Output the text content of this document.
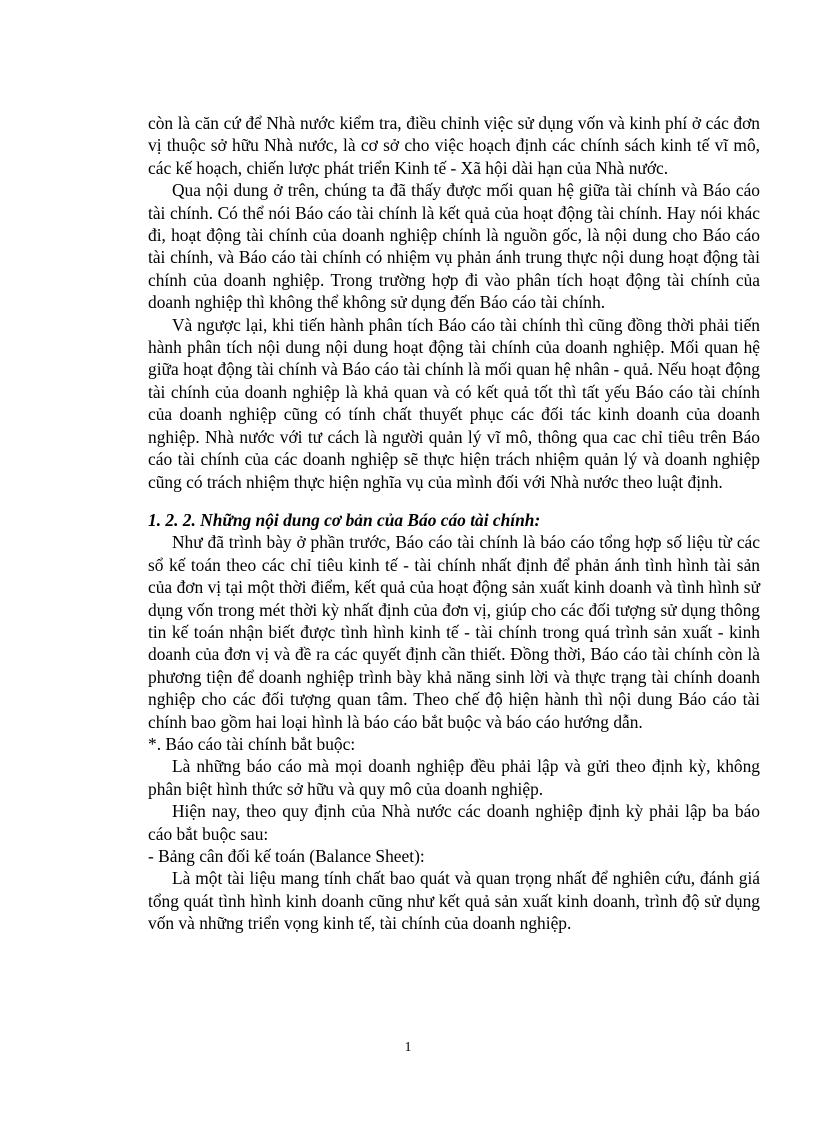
còn là căn cứ để Nhà nước kiểm tra, điều chỉnh việc sử dụng vốn và kinh phí ở các đơn vị thuộc sở hữu Nhà nước, là cơ sở cho việc hoạch định các chính sách kinh tế vĩ mô, các kế hoạch, chiến lược phát triển Kinh tế - Xã hội dài hạn của Nhà nước.

Qua nội dung ở trên, chúng ta đã thấy được mối quan hệ giữa tài chính và Báo cáo tài chính. Có thể nói Báo cáo tài chính là kết quả của hoạt động tài chính. Hay nói khác đi, hoạt động tài chính của doanh nghiệp chính là nguồn gốc, là nội dung cho Báo cáo tài chính, và Báo cáo tài chính có nhiệm vụ phản ánh trung thực nội dung hoạt động tài chính của doanh nghiệp. Trong trường hợp đi vào phân tích hoạt động tài chính của doanh nghiệp thì không thể không sử dụng đến Báo cáo tài chính.

Và ngược lại, khi tiến hành phân tích Báo cáo tài chính thì cũng đồng thời phải tiến hành phân tích nội dung nội dung hoạt động tài chính của doanh nghiệp. Mối quan hệ giữa hoạt động tài chính và Báo cáo tài chính là mối quan hệ nhân - quả. Nếu hoạt động tài chính của doanh nghiệp là khả quan và có kết quả tốt thì tất yếu Báo cáo tài chính của doanh nghiệp cũng có tính chất thuyết phục các đối tác kinh doanh của doanh nghiệp. Nhà nước với tư cách là người quản lý vĩ mô, thông qua cac chỉ tiêu trên Báo cáo tài chính của các doanh nghiệp sẽ thực hiện trách nhiệm quản lý và doanh nghiệp cũng có trách nhiệm thực hiện nghĩa vụ của mình đối với Nhà nước theo luật định.

1. 2. 2. Những nội dung cơ bản của Báo cáo tài chính:

Như đã trình bày ở phần trước, Báo cáo tài chính là báo cáo tổng hợp số liệu từ các sổ kế toán theo các chỉ tiêu kinh tế - tài chính nhất định để phản ánh tình hình tài sản của đơn vị tại một thời điểm, kết quả của hoạt động sản xuất kinh doanh và tình hình sử dụng vốn trong mét thời kỳ nhất định của đơn vị, giúp cho các đối tượng sử dụng thông tin kế toán nhận biết được tình hình kinh tế - tài chính trong quá trình sản xuất - kinh doanh của đơn vị và đề ra các quyết định cần thiết. Đồng thời, Báo cáo tài chính còn là phương tiện để doanh nghiệp trình bày khả năng sinh lời và thực trạng tài chính doanh nghiệp cho các đối tượng quan tâm. Theo chế độ hiện hành thì nội dung Báo cáo tài chính bao gồm hai loại hình là báo cáo bắt buộc và báo cáo hướng dẫn.

*. Báo cáo tài chính bắt buộc:

Là những báo cáo mà mọi doanh nghiệp đều phải lập và gửi theo định kỳ, không phân biệt hình thức sở hữu và quy mô của doanh nghiệp.

Hiện nay, theo quy định của Nhà nước các doanh nghiệp định kỳ phải lập ba báo cáo bắt buộc sau:

- Bảng cân đối kế toán (Balance Sheet):

Là một tài liệu mang tính chất bao quát và quan trọng nhất để nghiên cứu, đánh giá tổng quát tình hình kinh doanh cũng như kết quả sản xuất kinh doanh, trình độ sử dụng vốn và những triển vọng kinh tế, tài chính của doanh nghiệp.

1
